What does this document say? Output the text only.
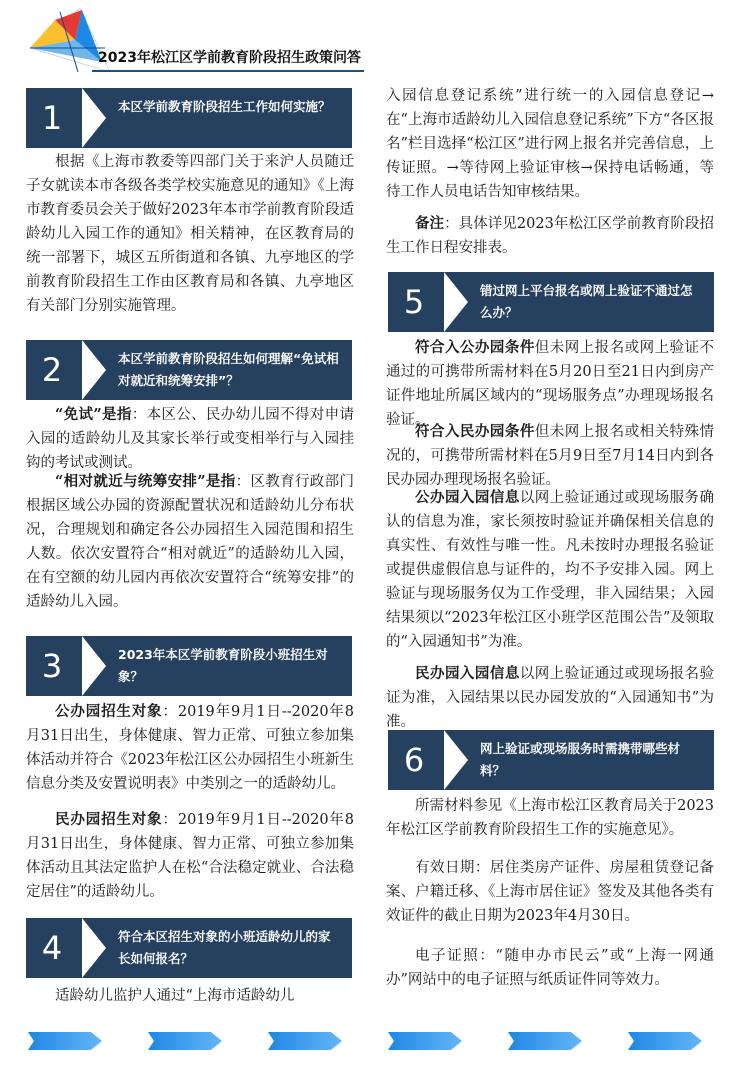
2023年松江区学前教育阶段招生政策问答
1	本区学前教育阶段招生工作如何实施？
根据《上海市教委等四部门关于来沪人员随迁子女就读本市各级各类学校实施意见的通知》《上海市教育委员会关于做好2023年本市学前教育阶段适龄幼儿入园工作的通知》相关精神，在区教育局的统一部署下，城区五所街道和各镇、九亭地区的学前教育阶段招生工作由区教育局和各镇、九亭地区有关部门分别实施管理。
2	本区学前教育阶段招生如何理解“免试相对就近和统筹安排”？
“免试”是指：本区公、民办幼儿园不得对申请入园的适龄幼儿及其家长举行或变相举行与入园挂钩的考试或测试。
“相对就近与统筹安排”是指：区教育行政部门根据区域公办园的资源配置状况和适龄幼儿分布状况，合理规划和确定各公办园招生入园范围和招生人数。依次安置符合“相对就近”的适龄幼儿入园，在有空额的幼儿园内再依次安置符合“统筹安排”的适龄幼儿入园。
3	2023年本区学前教育阶段小班招生对象？
公办园招生对象：2019年9月1日--2020年8月31日出生，身体健康、智力正常、可独立参加集体活动并符合《2023年松江区公办园招生小班新生信息分类及安置说明表》中类别之一的适龄幼儿。
民办园招生对象：2019年9月1日--2020年8月31日出生，身体健康、智力正常、可独立参加集体活动且其法定监护人在松“合法稳定就业、合法稳定居住”的适龄幼儿。
4	符合本区招生对象的小班适龄幼儿的家长如何报名？
适龄幼儿监护人通过“上海市适龄幼儿
入园信息登记系统”进行统一的入园信息登记→在“上海市适龄幼儿入园信息登记系统”下方“各区报名”栏目选择“松江区”进行网上报名并完善信息，上传证照。→等待网上验证审核→保持电话畅通，等待工作人员电话告知审核结果。
备注：具体详见2023年松江区学前教育阶段招生工作日程安排表。
5	错过网上平台报名或网上验证不通过怎么办？
符合入公办园条件但未网上报名或网上验证不通过的可携带所需材料在5月20日至21日内到房产证件地址所属区域内的“现场服务点”办理现场报名验证。
符合入民办园条件但未网上报名或相关特殊情况的，可携带所需材料在5月9日至7月14日内到各民办园办理现场报名验证。
公办园入园信息以网上验证通过或现场服务确认的信息为准，家长须按时验证并确保相关信息的真实性、有效性与唯一性。凡未按时办理报名验证或提供虚假信息与证件的，均不予安排入园。网上验证与现场服务仅为工作受理，非入园结果；入园结果须以“2023年松江区小班学区范围公告”及领取的“入园通知书”为准。
民办园入园信息以网上验证通过或现场报名验证为准，入园结果以民办园发放的“入园通知书”为准。
6	网上验证或现场服务时需携带哪些材料？
所需材料参见《上海市松江区教育局关于2023年松江区学前教育阶段招生工作的实施意见》。
有效日期：居住类房产证件、房屋租赁登记备案、户籍迁移、《上海市居住证》签发及其他各类有效证件的截止日期为2023年4月30日。
电子证照：“随申办市民云”或“上海一网通办”网站中的电子证照与纸质证件同等效力。
